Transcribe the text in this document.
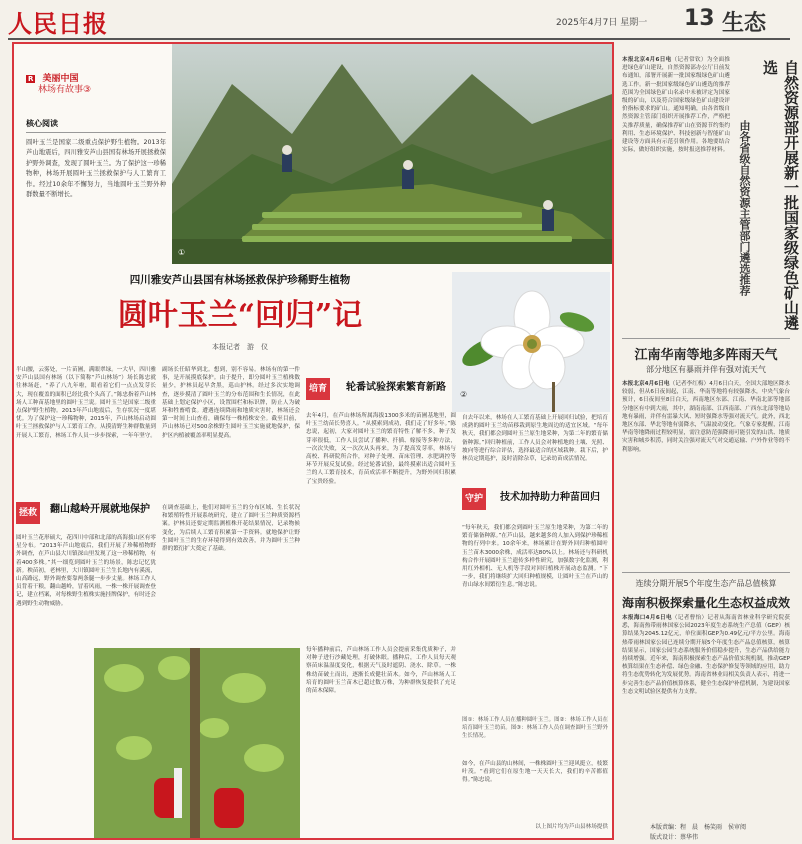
人民日报	2025年4月7日 星期一 13 生态
R 美丽中国
林场有故事③
核心阅读
圆叶玉兰是国家二级重点保护野生植物。2013年芦山地震后，四川雅安芦山县国有林场开展拯救保护野外调查，发现了圆叶玉兰。为了保护这一珍稀物种，林场开展圆叶玉兰拯救保护与人工繁育工作。经过10余年不懈努力，当地圆叶玉兰野外种群数量不断增长。
①
四川雅安芦山县国有林场拯救保护珍稀野生植物
圆叶玉兰“回归”记
本报记者　游　仪
②
半山腰，云雾处，一片苗圃，满眼翠绿。一大早，四川雅安芦山县国有林场（以下简称“芦山林场”）场长陈忠就往林场赶，“养了八九年啦，眼看着它们一点点发芽长大，现在覆盖的面积已经比我个头高了。”陈忠指着芦山林场人工种苗基地里的圆叶玉兰说。圆叶玉兰是国家二级重点保护野生植物。2013年芦山地震后，生存状况一度堪忧。为了保护这一珍稀物种，2015年，芦山林场启动圆叶玉兰拯救保护与人工繁育工作。从摸清野生种群数量到开展人工繁育，林场工作人员一步步探索，一年年坚守。
拯救	翻山越岭开展就地保护
圆叶玉兰花形硕大，花四川中部和北部的高海拔山区有零星分布。“2013年芦山地震后，我们开展了珍稀植物野外调查，在芦山县大川镇深山里发现了这一珍稀植物，有着400多株。”其一细览到圆叶玉兰的场景，陈忠记忆犹新。秧苗初，老林里，大川镇圆叶玉兰生长地内有溪流，山高路远，野外调查要靠两条腿一步步丈量。林场工作人员背着干粮，翻山越岭，冒着风雨，一株一株开展调查登记，建立档案，对每株野生植株实施挂牌保护，有时还会遇到野生动物威胁。
副场长任昭华到北。想到，别不容易。林场有的第一件事，是开展摸底保护。由于提升，即分圆叶玉兰植株数量少，护林员起早贪黑，巡山护林。经过多次实地调查，逐步摸清了圆叶玉兰的分布范围和生长情况，在此基础上划定保护小区，设置围栏和标识牌，防止人为破坏和牲畜啃食。遭遇连续降雨和地质灾害时，林场还会第一时间上山查看，确保每一株植株安全。截至目前，芦山林场已对500余株野生圆叶玉兰实施就地保护，保护区内植被覆盖率明显提高。
在调查基础上，他们对圆叶玉兰的分布区域、生长状况和繁殖特性开展系统研究，建立了圆叶玉兰种质资源档案。护林员还要定期监测植株开花结果情况，记录物候变化，为后续人工繁育积累第一手资料。就地保护让野生圆叶玉兰的生存环境得到有效改善，并为圆叶玉兰种群的繁衍扩大奠定了基础。
培育	轮番试验探索繁育新路
去年4月，在芦山林场所属海拔1300多米的苗圃基地里，圆叶玉兰幼苗长势喜人。“从摸索到成功，我们走了好多年。”陈忠说，起初，大家对圆叶玉兰的繁育特性了解不多，种子发芽率很低，工作人员尝试了播种、扦插、嫁接等多种方法，一次次失败，又一次次从头再来。为了提高发芽率，林场与高校、科研院所合作，对种子处理、苗床管理、水肥调控等环节开展反复试验。经过轮番试验，最终摸索出适合圆叶玉兰的人工繁育技术，育苗成活率不断提升，为野外回归积累了宝贵经验。
每年播种前后，芦山林场工作人员会提前采集优质种子，并对种子进行沙藏处理，打破休眠。播种后，工作人员每天观察苗床温湿度变化，根据天气及时遮阴、浇水、除草。一株株幼苗破土而出，逐渐长成健壮苗木。如今，芦山林场人工培育的圆叶玉兰苗木已超过数万株，为种群恢复提供了充足的苗木保障。
自去年以来，林场在人工繁育基础上开展回归试验，把培育成熟的圆叶玉兰幼苗移栽到原生地周边的适宜区域。“每年秋天，我们都会到圆叶玉兰原生地采种，为第二年的繁育储备种源。”回归种植前，工作人员会对种植地的土壤、光照、坡向等进行综合评估，选择最适合的区域栽种。栽下后，护林员定期巡护，及时清除杂草，记录幼苗成活情况。
守护	技术加持助力种苗回归
“每年秋天，我们都会到圆叶玉兰原生地采种，为第二年的繁育储备种源。”在芦山县，越来越多的人加入到保护珍稀植物的行列中来。10余年来，林场累计在野外回归种植圆叶玉兰苗木3000余株，成活率达80%以上。林场还与科研机构合作开展圆叶玉兰遗传多样性研究，加强数字化监测，利用红外相机、无人机等手段对回归植株开展动态监测。“下一步，我们将继续扩大回归种植规模，让圆叶玉兰在芦山的青山绿水间繁衍生息。”陈忠说。
图①：林场工作人员在播种圆叶玉兰。图②：林场工作人员在培育圆叶玉兰幼苗。图③：林场工作人员在调查圆叶玉兰野外生长情况。
如今，在芦山县的山林间，一株株圆叶玉兰迎风挺立，枝繁叶茂。“看到它们在原生地一天天长大，我们的辛苦都值得。”陈忠说。
以上图片均为芦山县林场提供
本报北京4月6日电（记者常钦）为全面推进绿色矿山建设，自然资源部办公厅日前发布通知，部署开展新一批国家级绿色矿山遴选工作。新一批国家级绿色矿山遴选的推荐范围为全国绿色矿山名录中未被评定为国家级的矿山，以及符合国家级绿色矿山建设评价指标要求的矿山。通知明确，由各省级自然资源主管部门组织开展推荐工作，严格把关推荐质量，确保推荐矿山在资源节约集约利用、生态环境保护、科技创新与智能矿山建设等方面具有示范引领作用。各地要结合实际，做好组织实施，按时报送推荐材料。	自然资源部开展新一批国家级绿色矿山遴选
由各省级自然资源主管部门遴选推荐
江南华南等地多阵雨天气
部分地区有暴雨并伴有强对流天气
本报北京4月6日电（记者李红梅）4月6日白天，全国大部地区降水较弱，但从6日夜间起，江南、华南等地将有较强降水，中央气象台预计，6日夜间至8日白天，西南地区东部、江南、华南北部等地部分地区有中到大雨，其中，湖南南部、江西南部、广西东北部等地局地有暴雨，并伴有雷暴大风、短时强降水等强对流天气。此外，西北地区东部、华北等地有弱降水，气温波动变化。气象专家提醒，江南华南等地降雨过程较明显，需注意防范强降雨可能引发的山洪、地质灾害和城乡积涝，同时关注强对流天气对交通运输、户外作业等的不利影响。
连续分期开展5个年度生态产品总值核算
海南积极探索量化生态权益成效
本报海口4月6日电（记者曹怡）记者从海南省林业科学研究院获悉，海南热带雨林国家公园2023年度生态系统生产总值（GEP）核算结果为2045.12亿元，单位面积GEP为0.49亿元/平方公里。海南热带雨林国家公园已连续分期开展5个年度生态产品总值核算，核算结果显示，国家公园生态系统服务价值稳步提升，生态产品供给能力持续增强。近年来，海南积极探索生态产品价值实现机制，推动GEP核算结果在生态补偿、绿色金融、生态保护修复等领域的应用，助力将生态优势转化为发展优势。海南省林业局相关负责人表示，将进一步完善生态产品价值核算体系，健全生态保护补偿机制，为建设国家生态文明试验区提供有力支撑。
本版责编：程　晨　杨笑雨　侯审阅
版式设计：蔡华伟
